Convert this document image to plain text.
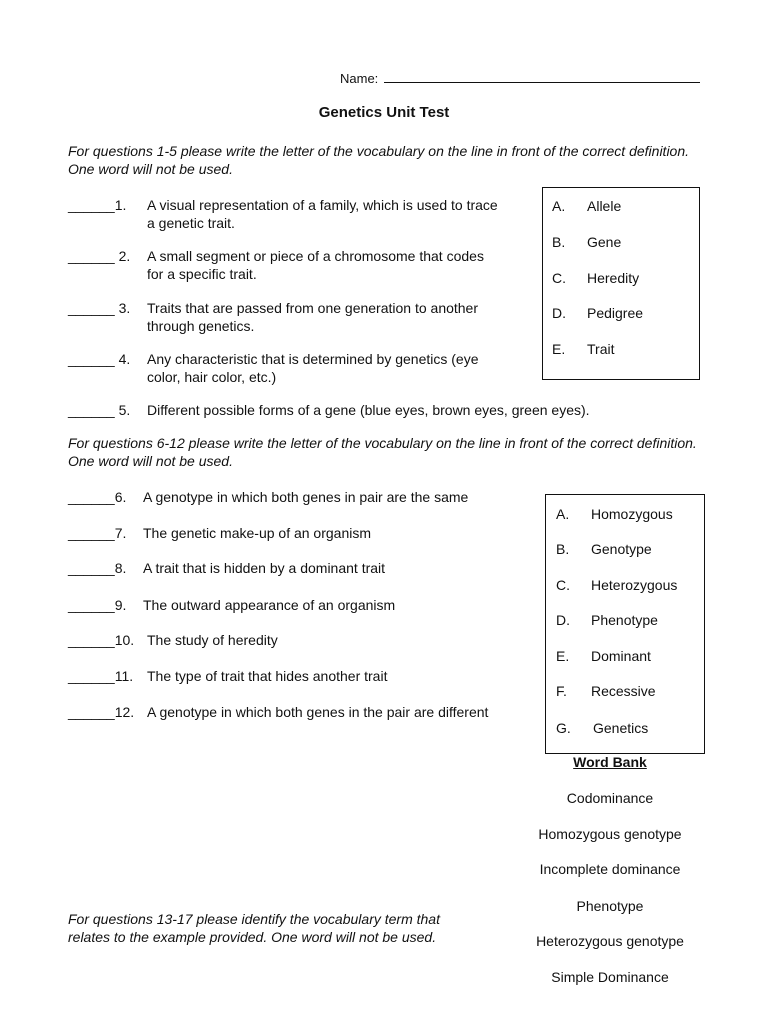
Name:
Genetics Unit Test
For questions 1-5 please write the letter of the vocabulary on the line in front of the correct definition. One word will not be used.
______1. A visual representation of a family, which is used to trace
a genetic trait.
______ 2. A small segment or piece of a chromosome that codes
for a specific trait.
______ 3. Traits that are passed from one generation to another
through genetics.
______ 4. Any characteristic that is determined by genetics (eye
color, hair color, etc.)
______ 5. Different possible forms of a gene (blue eyes, brown eyes, green eyes).
A. Allele
B. Gene
C. Heredity
D. Pedigree
E. Trait
For questions 6-12 please write the letter of the vocabulary on the line in front of the correct definition. One word will not be used.
______6. A genotype in which both genes in pair are the same
______7. The genetic make-up of an organism
______8. A trait that is hidden by a dominant trait
______9. The outward appearance of an organism
______10. The study of heredity
______11. The type of trait that hides another trait
______12. A genotype in which both genes in the pair are different
A. Homozygous
B. Genotype
C. Heterozygous
D. Phenotype
E. Dominant
F. Recessive
G. Genetics
Word Bank
Codominance
Homozygous genotype
Incomplete dominance
Phenotype
Heterozygous genotype
Simple Dominance
For questions 13-17 please identify the vocabulary term that
relates to the example provided. One word will not be used.
